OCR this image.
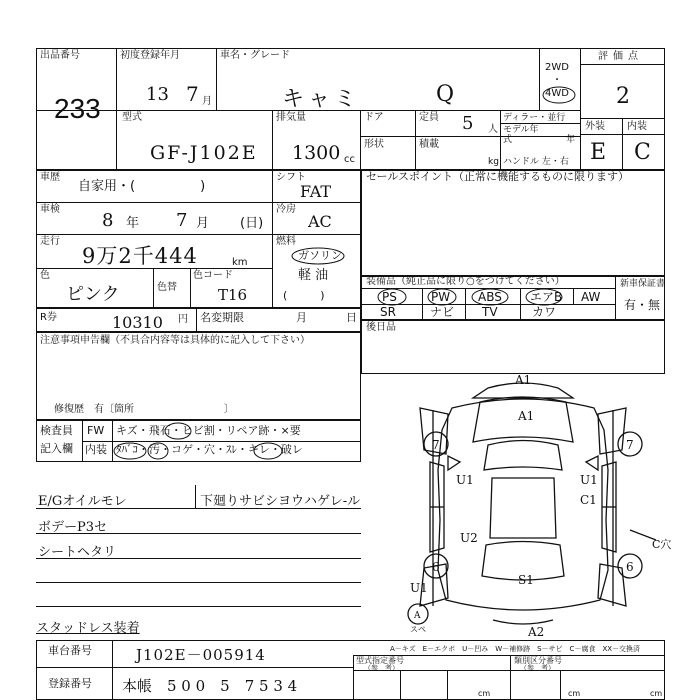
出品番号
233
初度登録年月
13 7 月
車名・グレード
キャミ	Q
2WD
・
4WD
評価点
2
外装 内装
E C
型式
GF-J102E
排気量
1300 cc
ドア	定員 5 人
ディラー・並行
モデル年式	年
形状	積載
kg ハンドル 左・右
車歴
自家用・(　　　　　)
シフト
FAT
車検
8 年 7 月 (日)
冷房
AC
走行
9万2千444	km
燃料
ガソリン
軽 油
(　　　)
色
ピンク	色替
色コード
T16
セールスポイント（正常に機能するものに限ります）
装備品（純正品に限り○をつけてください）	新車保証書
有・無
PS	PW ABS エアB AW
SR	ナビ TV	カワ
R券	10310 円 名変期限	月	日
後日品
注意事項申告欄（不具合内容等は具体的に記入して下さい）
修復歴　有〔箇所　　　　　　　　　〕
検査員
記入欄
FW キズ・飛石・ヒビ割・リペア跡・×要
内装 ﾀﾊﾞｺ・汚・コゲ・穴・ｽﾚ・キレ・破レ
E/Gオイルモレ
ボデーP3セ
シートヘタリ
下廻りサビシヨウハゲレ-ル
スタッドレス装着
A1
A1
7	7
U1	U1
C1
U2
S1
6	6
C穴
U1
A2
A
スペ
A－キズ　E－エクボ　U－凹み　W－補修跡　S－サビ　C－腐食　XX－交換済
車台番号	J102E－005914
登録番号 本帳　5 0 0　5　7 5 3 4
型式指定番号
（参　考）
類別区分番号
（参　考）
cm	cm	cm
